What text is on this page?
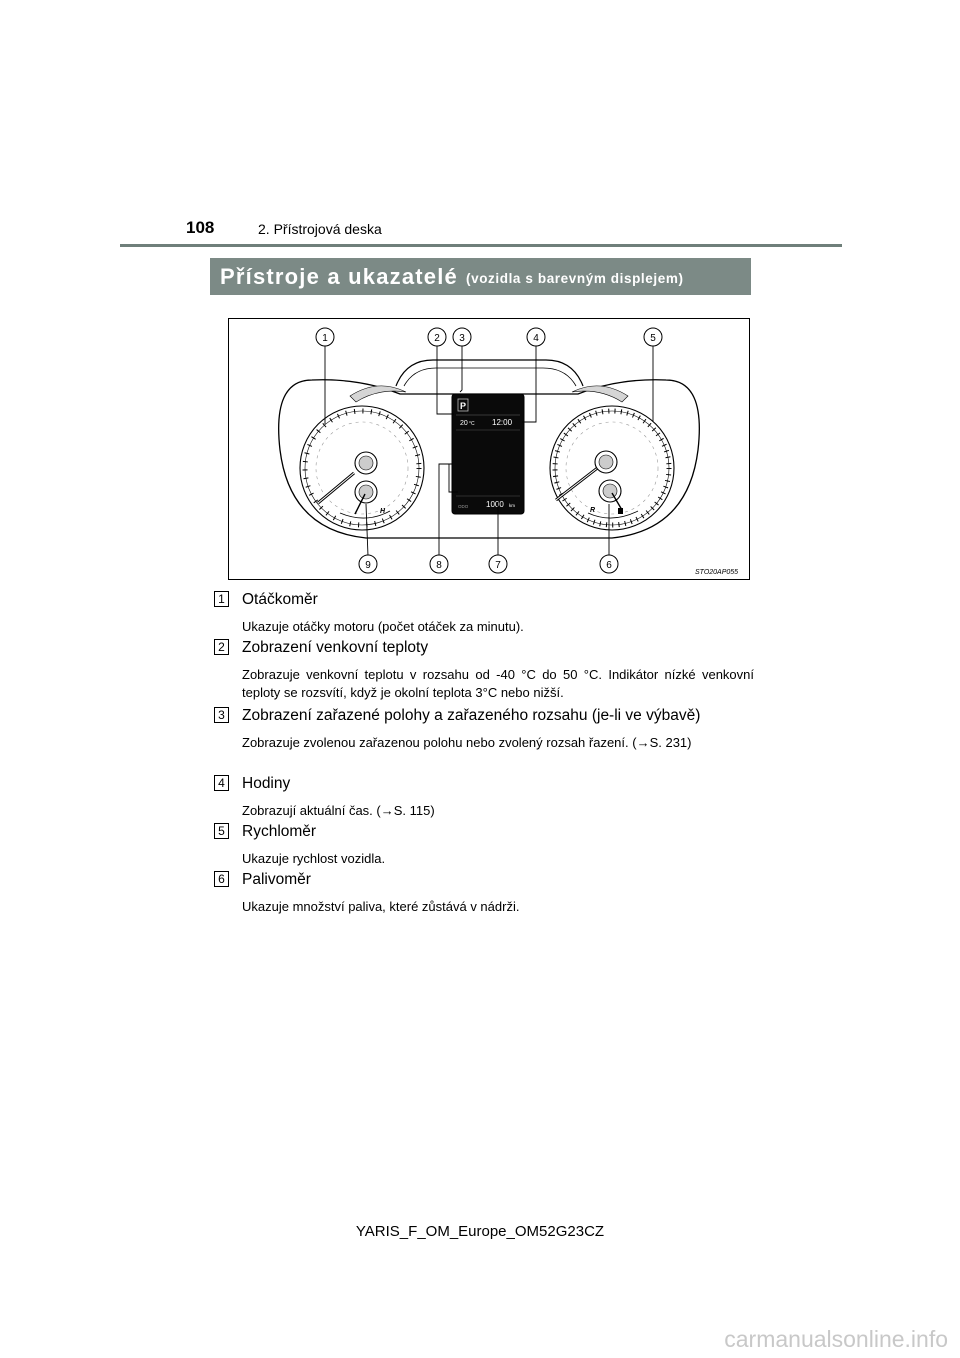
108	2. Přístrojová deska
Přístroje a ukazatelé (vozidla s barevným displejem)
H	R
P
20 °C 12:00
ODO 1000 km
1	2 3	4	5
6
7
8
9
STO20AP055
1 Otáčkoměr
Ukazuje otáčky motoru (počet otáček za minutu).
2 Zobrazení venkovní teploty
Zobrazuje venkovní teplotu v rozsahu od -40 °C do 50 °C. Indikátor nízké venkovní teploty se rozsvítí, když je okolní teplota 3°C nebo nižší.
3 Zobrazení zařazené polohy a zařazeného rozsahu (je-li ve výbavě)
Zobrazuje zvolenou zařazenou polohu nebo zvolený rozsah řazení. (→S. 231)
4 Hodiny
Zobrazují aktuální čas. (→S. 115)
5 Rychloměr
Ukazuje rychlost vozidla.
6 Palivoměr
Ukazuje množství paliva, které zůstává v nádrži.
YARIS_F_OM_Europe_OM52G23CZ
carmanualsonline.info
